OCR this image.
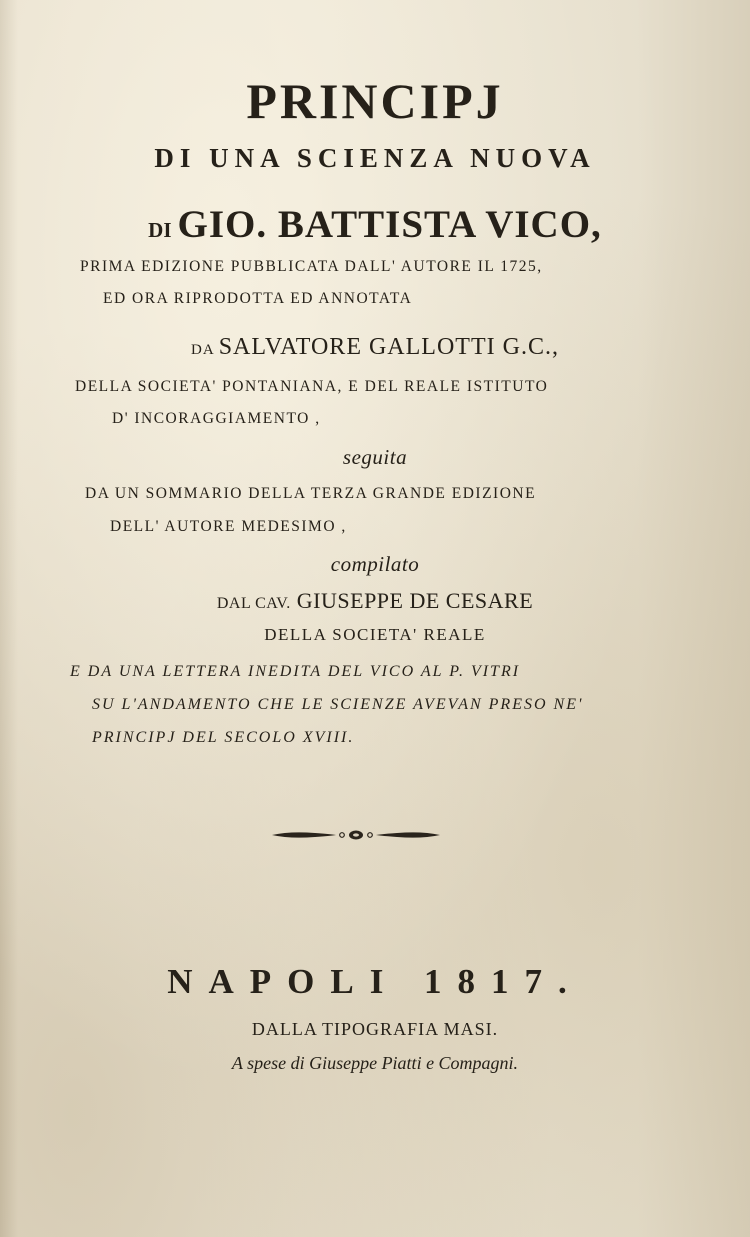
PRINCIPJ
DI UNA SCIENZA NUOVA
DI GIO. BATTISTA VICO,
PRIMA EDIZIONE PUBBLICATA DALL' AUTORE IL 1725,
ED ORA RIPRODOTTA ED ANNOTATA
DA SALVATORE GALLOTTI G.C.,
DELLA SOCIETA' PONTANIANA, E DEL REALE ISTITUTO
D' INCORAGGIAMENTO ,
seguita
DA UN SOMMARIO DELLA TERZA GRANDE EDIZIONE
DELL' AUTORE MEDESIMO ,
compilato
DAL CAV. GIUSEPPE DE CESARE
DELLA SOCIETA' REALE
E DA UNA LETTERA INEDITA DEL VICO AL P. VITRI
SU L'ANDAMENTO CHE LE SCIENZE AVEVAN PRESO NE'
PRINCIPJ DEL SECOLO XVIII.
NAPOLI 1817.
DALLA TIPOGRAFIA MASI.
A spese di Giuseppe Piatti e Compagni.
